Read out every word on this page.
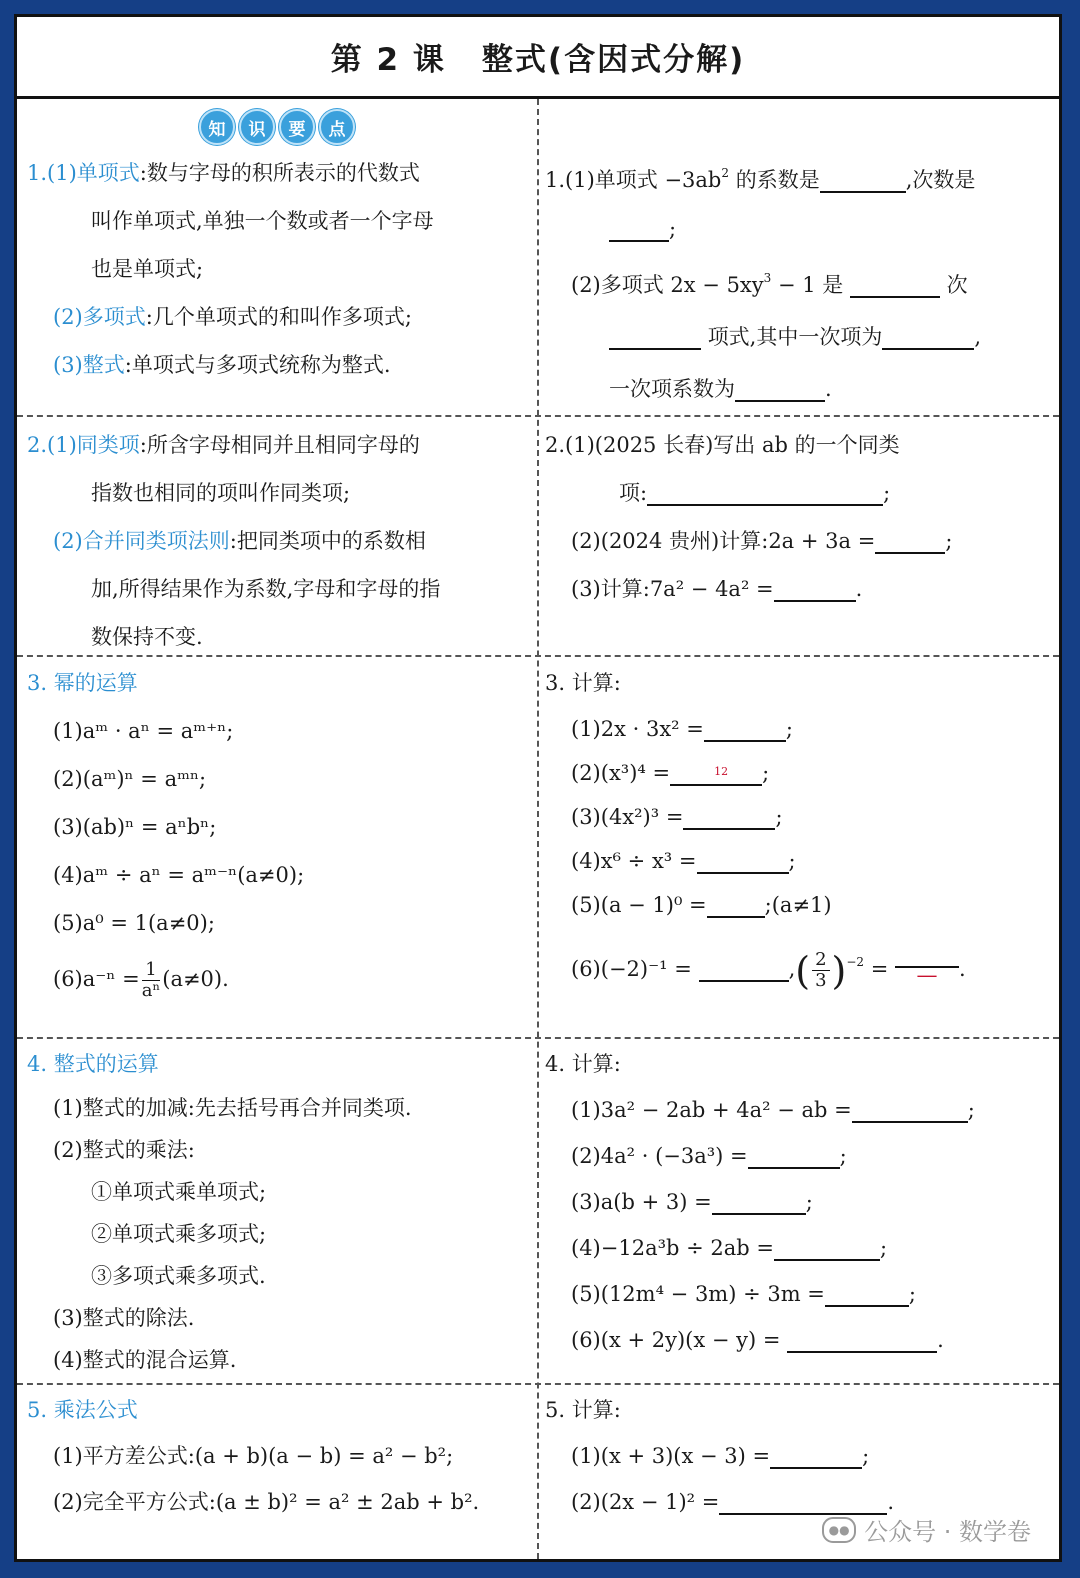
第 2 课 整式(含因式分解)
知	识	要	点
1.(1)单项式:数与字母的积所表示的代数式
叫作单项式,单独一个数或者一个字母
也是单项式;
(2)多项式:几个单项式的和叫作多项式;
(3)整式:单项式与多项式统称为整式.
1.(1)单项式 $-3ab^2$ 的系数是	,次数是
;
(2)多项式 $2x - 5xy^3 - 1$ 是	次
项式,其中一次项为	,
一次项系数为	.
2.(1)同类项:所含字母相同并且相同字母的
指数也相同的项叫作同类项;
(2)合并同类项法则:把同类项中的系数相
加,所得结果作为系数,字母和字母的指
数保持不变.
2.(1)(2025 长春)写出 ab 的一个同类
项:	;
(2)(2024 贵州)计算:2a + 3a =	;
(3)计算:7a² − 4a² =	.
3. 幂的运算
(1)aᵐ · aⁿ = aᵐ⁺ⁿ;
(2)(aᵐ)ⁿ = aᵐⁿ;
(3)(ab)ⁿ = aⁿbⁿ;
(4)aᵐ ÷ aⁿ = aᵐ⁻ⁿ(a≠0);
(5)a⁰ = 1(a≠0);
$(6)a^{-n} = \frac{1}{\text{aⁿ}} (a\ne 0)$.
3. 计算:
(1)2x · 3x² =	;
(2)(x³)⁴ =	12 ;
(3)(4x²)³ =	;
(4)x⁶ ÷ x³ =	;
(5)(a − 1)⁰ =	;(a≠1)
(6)(−2)⁻¹ =	,( $\frac{2}{3} )^{-2}$ = — .
4. 整式的运算
(1)整式的加减:先去括号再合并同类项.
(2)整式的乘法:
①单项式乘单项式;
②单项式乘多项式;
③多项式乘多项式.
(3)整式的除法.
(4)整式的混合运算.
4. 计算:
(1)3a² − 2ab + 4a² − ab =	;
(2)4a² · (−3a³) =	;
(3)a(b + 3) =	;
(4)−12a³b ÷ 2ab =	;
(5)(12m⁴ − 3m) ÷ 3m =	;
(6)(x + 2y)(x − y) =	.
5. 乘法公式
(1)平方差公式:(a + b)(a − b) = a² − b²;
(2)完全平方公式:(a ± b)² = a² ± 2ab + b².
5. 计算:
(1)(x + 3)(x − 3) =	;
(2)(2x − 1)² =	.
●● 公众号 · 数学卷
